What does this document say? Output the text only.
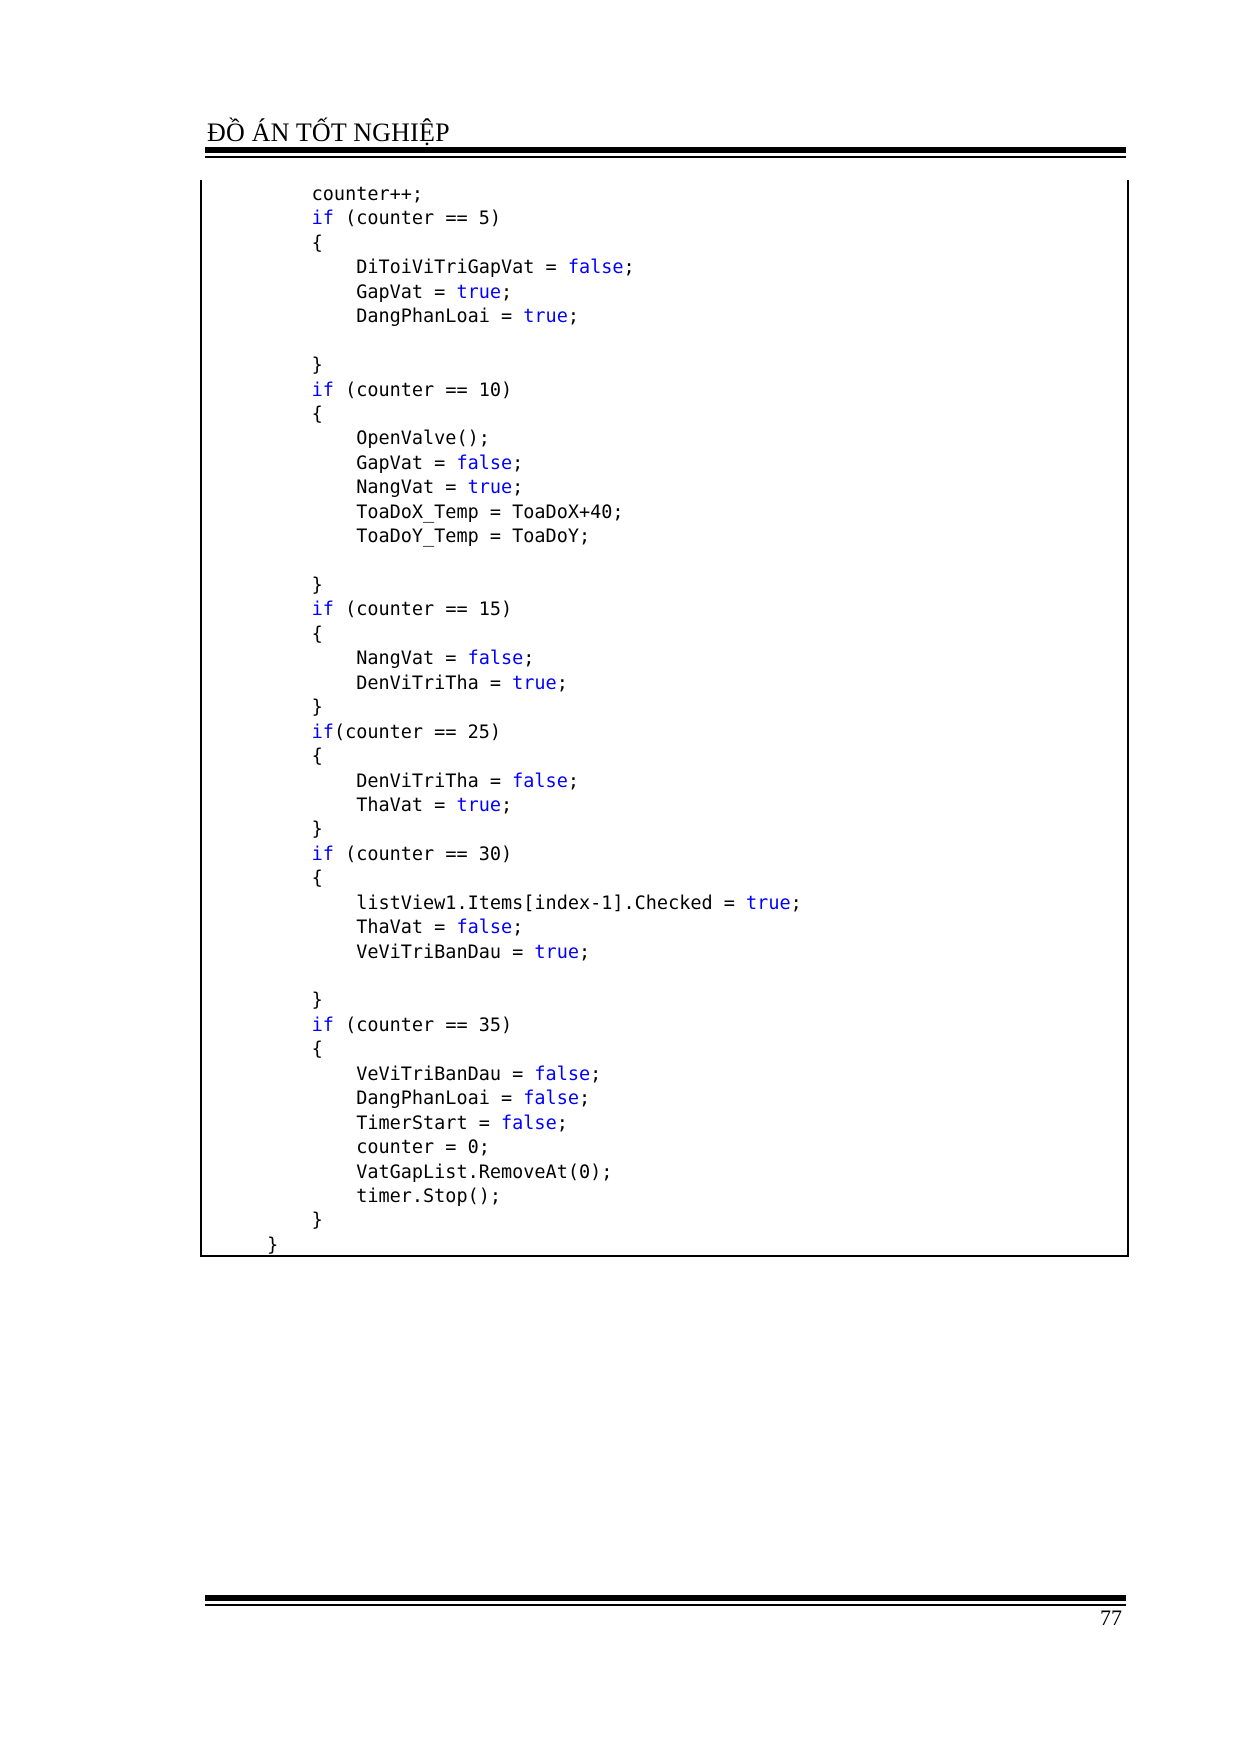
ĐỒ ÁN TỐT NGHIỆP
counter++;
if (counter == 5)
{
DiToiViTriGapVat = false;
GapVat = true;
DangPhanLoai = true;
}
if (counter == 10)
{
OpenValve();
GapVat = false;
NangVat = true;
ToaDoX_Temp = ToaDoX+40;
ToaDoY_Temp = ToaDoY;
}
if (counter == 15)
{
NangVat = false;
DenViTriTha = true;
}
if(counter == 25)
{
DenViTriTha = false;
ThaVat = true;
}
if (counter == 30)
{
listView1.Items[index-1].Checked = true;
ThaVat = false;
VeViTriBanDau = true;
}
if (counter == 35)
{
VeViTriBanDau = false;
DangPhanLoai = false;
TimerStart = false;
counter = 0;
VatGapList.RemoveAt(0);
timer.Stop();
}
}
77
